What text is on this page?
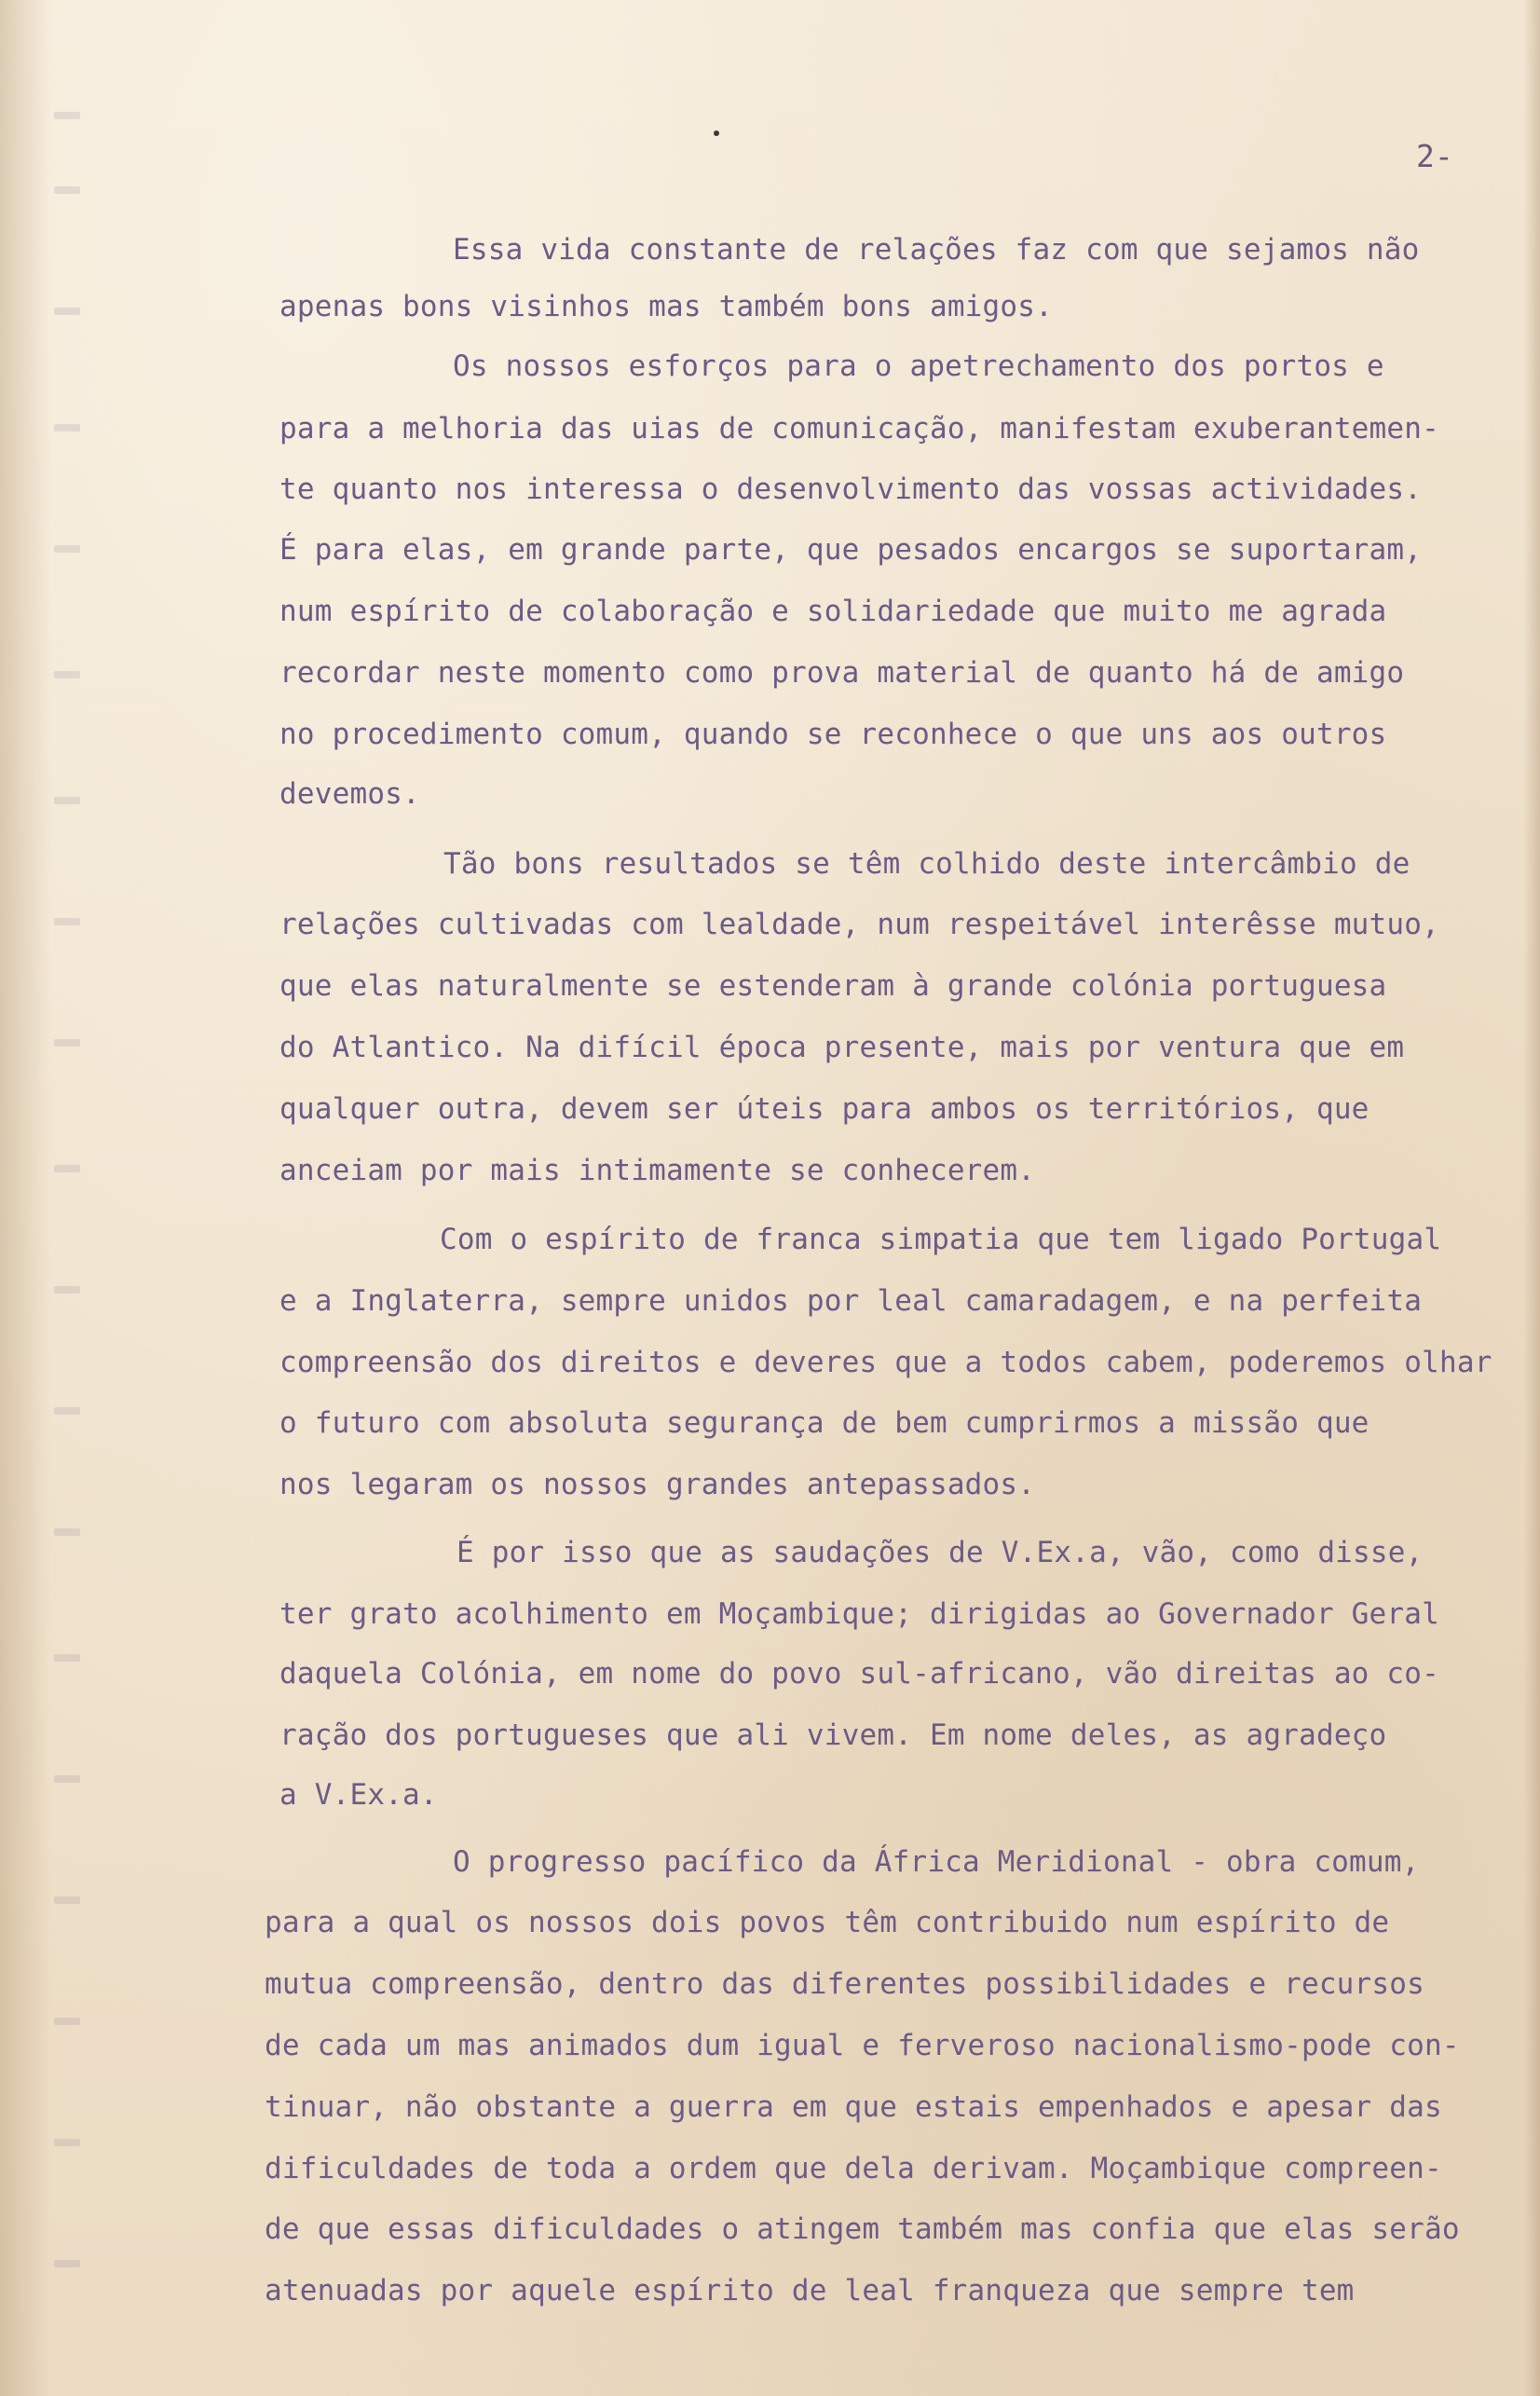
2-

Essa vida constante de relações faz com que sejamos não

apenas bons visinhos mas também bons amigos.

Os nossos esforços para o apetrechamento dos portos e

para a melhoria das uias de comunicação, manifestam exuberantemen-

te quanto nos interessa o desenvolvimento das vossas actividades.

É para elas, em grande parte, que pesados encargos se suportaram,

num espírito de colaboração e solidariedade que muito me agrada

recordar neste momento como prova material de quanto há de amigo

no procedimento comum, quando se reconhece o que uns aos outros

devemos.

Tão bons resultados se têm colhido deste intercâmbio de

relações cultivadas com lealdade, num respeitável interêsse mutuo,

que elas naturalmente se estenderam à grande colónia portuguesa

do Atlantico. Na difícil época presente, mais por ventura que em

qualquer outra, devem ser úteis para ambos os territórios, que

anceiam por mais intimamente se conhecerem.

Com o espírito de franca simpatia que tem ligado Portugal

e a Inglaterra, sempre unidos por leal camaradagem, e na perfeita

compreensão dos direitos e deveres que a todos cabem, poderemos olhar

o futuro com absoluta segurança de bem cumprirmos a missão que

nos legaram os nossos grandes antepassados.

É por isso que as saudações de V.Ex.a, vão, como disse,

ter grato acolhimento em Moçambique; dirigidas ao Governador Geral

daquela Colónia, em nome do povo sul-africano, vão direitas ao co-

ração dos portugueses que ali vivem. Em nome deles, as agradeço

a V.Ex.a.

O progresso pacífico da África Meridional - obra comum,

para a qual os nossos dois povos têm contribuido num espírito de

mutua compreensão, dentro das diferentes possibilidades e recursos

de cada um mas animados dum igual e ferveroso nacionalismo-pode con-

tinuar, não obstante a guerra em que estais empenhados e apesar das

dificuldades de toda a ordem que dela derivam. Moçambique compreen-

de que essas dificuldades o atingem também mas confia que elas serão

atenuadas por aquele espírito de leal franqueza que sempre tem
